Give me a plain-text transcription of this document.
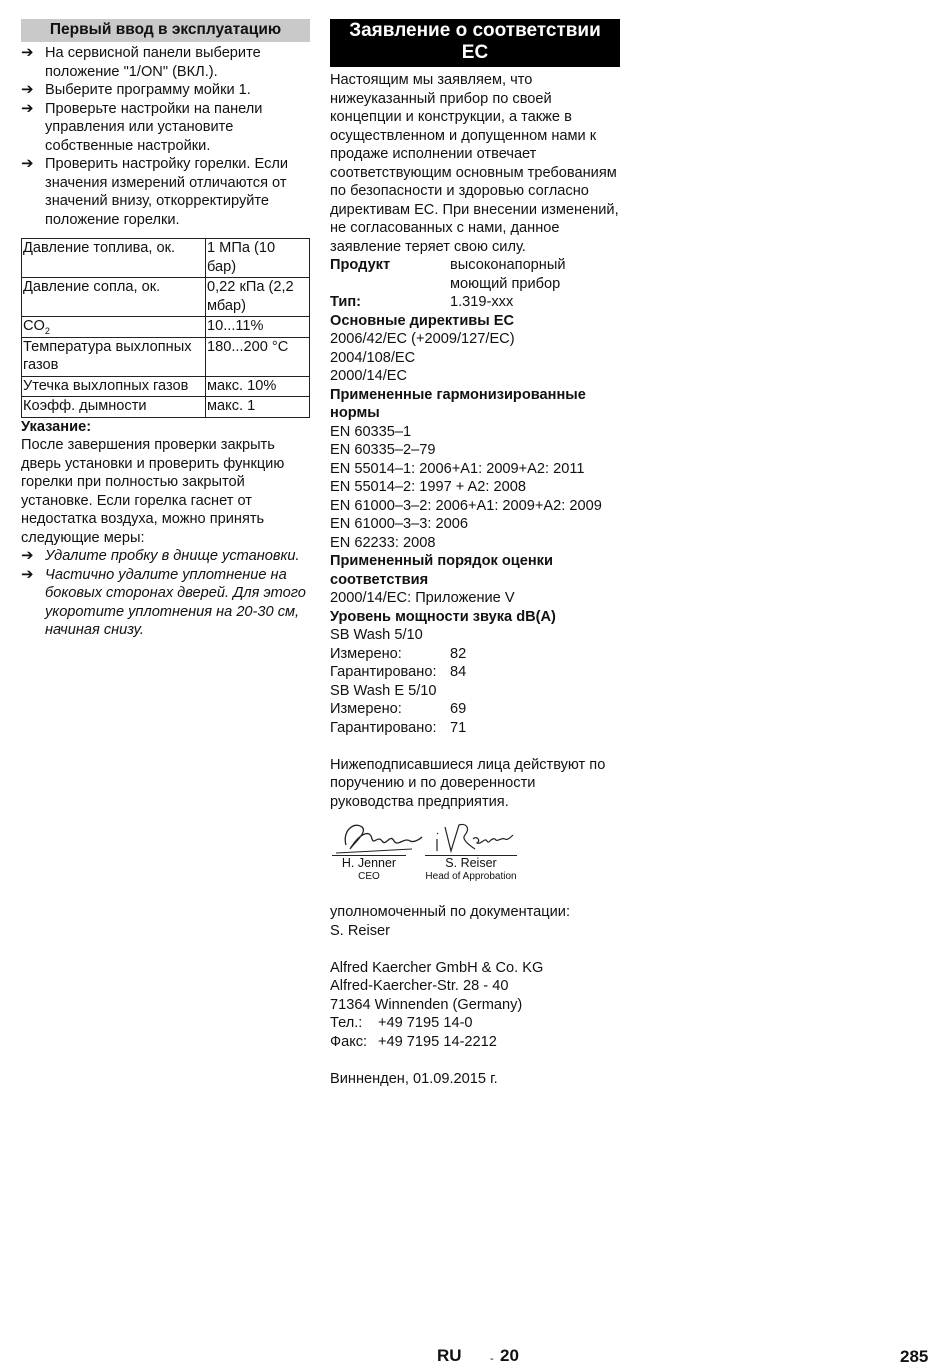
Первый ввод в эксплуатацию
➔ На сервисной панели выберите положение "1/ON" (ВКЛ.).
➔ Выберите программу мойки 1.
➔ Проверьте настройки на панели управления или установите собственные настройки.
➔ Проверить настройку горелки. Если значения измерений отличаются от значений внизу, откорректируйте положение горелки.
Давление топлива, ок.	1 МПа (10 бар)
Давление сопла, ок.	0,22 кПа (2,2 мбар)
$CO_2$	10...11%
Температура выхлопных газов	180...200 °C
Утечка выхлопных газов	макс. 10%
Коэфф. дымности	макс. 1
Указание:
После завершения проверки закрыть дверь установки и проверить функцию горелки при полностью закрытой установке. Если горелка гаснет от недостатка воздуха, можно принять следующие меры:
➔ Удалите пробку в днище установки.
➔ Частично удалите уплотнение на боковых сторонах дверей. Для этого укоротите уплотнения на 20-30 см, начиная снизу.
Заявление о соответствии ЕС
Настоящим мы заявляем, что нижеуказанный прибор по своей концепции и конструкции, а также в осуществленном и допущенном нами к продаже исполнении отвечает соответствующим основным требованиям по безопасности и здоровью согласно директивам ЕС. При внесении изменений, не согласованных с нами, данное заявление теряет свою силу.
Продукт	высоконапорный моющий прибор
Тип:	1.319-xxx
Основные директивы ЕС
2006/42/EC (+2009/127/EC)
2004/108/EC
2000/14/EC
Примененные гармонизированные нормы
EN 60335–1
EN 60335–2–79
EN 55014–1: 2006+A1: 2009+A2: 2011
EN 55014–2: 1997 + A2: 2008
EN 61000–3–2: 2006+A1: 2009+A2: 2009
EN 61000–3–3: 2006
EN 62233: 2008
Примененный порядок оценки соответствия
2000/14/EC: Приложение V
Уровень мощности звука dB(A)
SB Wash 5/10
Измерено:	82
Гарантировано: 84
SB Wash E 5/10
Измерено:	69
Гарантировано: 71
Нижеподписавшиеся лица действуют по поручению и по доверенности руководства предприятия.
H. Jenner
CEO
S. Reiser
Head of Approbation
уполномоченный по документации:
S. Reiser
Alfred Kaercher GmbH & Co. KG
Alfred-Kaercher-Str. 28 - 40
71364 Winnenden (Germany)
Тел.:	+49 7195 14-0
Факс: +49 7195 14-2212
Винненден, 01.09.2015 г.
RU	- 20	285
